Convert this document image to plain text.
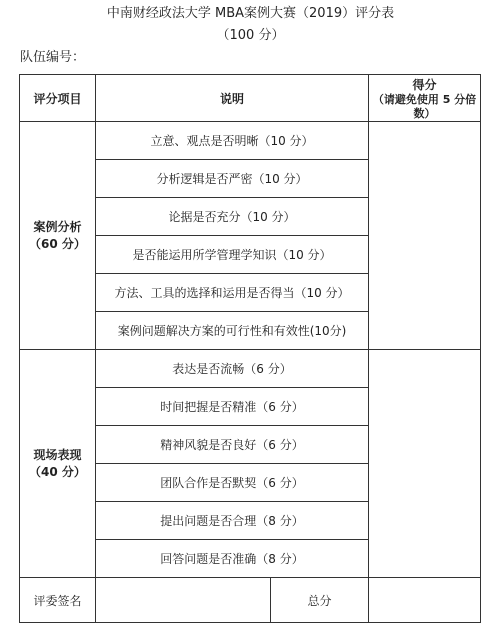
中南财经政法大学 MBA案例大赛（2019）评分表
（100 分）
队伍编号：
评分项目	说明		得分
（请避免使用 5 分倍数）

案例分析
（60 分）	立意、观点是否明晰（10 分）		
	分析逻辑是否严密（10 分）		
	论据是否充分（10 分）		
	是否能运用所学管理学知识（10 分）		
	方法、工具的选择和运用是否得当（10 分）		
	案例问题解决方案的可行性和有效性(10分)		

现场表现
（40 分）	表达是否流畅（6 分）		
	时间把握是否精准（6 分）		
	精神风貌是否良好（6 分）		
	团队合作是否默契（6 分）		
	提出问题是否合理（8 分）		
	回答问题是否准确（8 分）		
评委签名		总分	
